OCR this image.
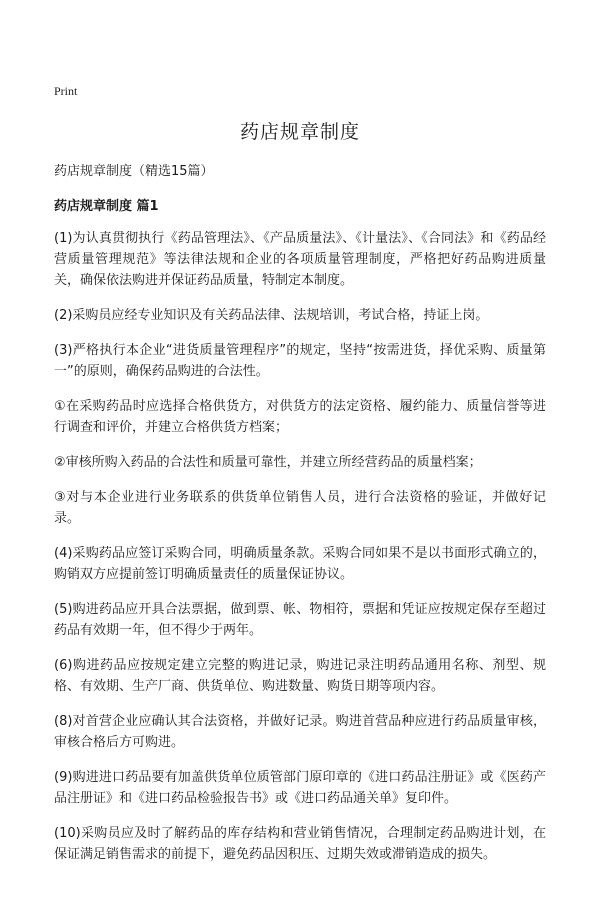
Print
药店规章制度

药店规章制度（精选15篇）

药店规章制度 篇1

(1)为认真贯彻执行《药品管理法》、《产品质量法》、《计量法》、《合同法》和《药品经营质量管理规范》等法律法规和企业的各项质量管理制度，严格把好药品购进质量关，确保依法购进并保证药品质量，特制定本制度。

(2)采购员应经专业知识及有关药品法律、法规培训，考试合格，持证上岗。

(3)严格执行本企业“进货质量管理程序”的规定，坚持“按需进货，择优采购、质量第一”的原则，确保药品购进的合法性。

①在采购药品时应选择合格供货方，对供货方的法定资格、履约能力、质量信誉等进行调查和评价，并建立合格供货方档案；

②审核所购入药品的合法性和质量可靠性，并建立所经营药品的质量档案；

③对与本企业进行业务联系的供货单位销售人员，进行合法资格的验证，并做好记录。

(4)采购药品应签订采购合同，明确质量条款。采购合同如果不是以书面形式确立的，购销双方应提前签订明确质量责任的质量保证协议。

(5)购进药品应开具合法票据，做到票、帐、物相符，票据和凭证应按规定保存至超过药品有效期一年，但不得少于两年。

(6)购进药品应按规定建立完整的购进记录，购进记录注明药品通用名称、剂型、规格、有效期、生产厂商、供货单位、购进数量、购货日期等项内容。

(8)对首营企业应确认其合法资格，并做好记录。购进首营品种应进行药品质量审核，审核合格后方可购进。

(9)购进进口药品要有加盖供货单位质管部门原印章的《进口药品注册证》或《医药产品注册证》和《进口药品检验报告书》或《进口药品通关单》复印件。

(10)采购员应及时了解药品的库存结构和营业销售情况，合理制定药品购进计划，在保证满足销售需求的前提下，避免药品因积压、过期失效或滞销造成的损失。
